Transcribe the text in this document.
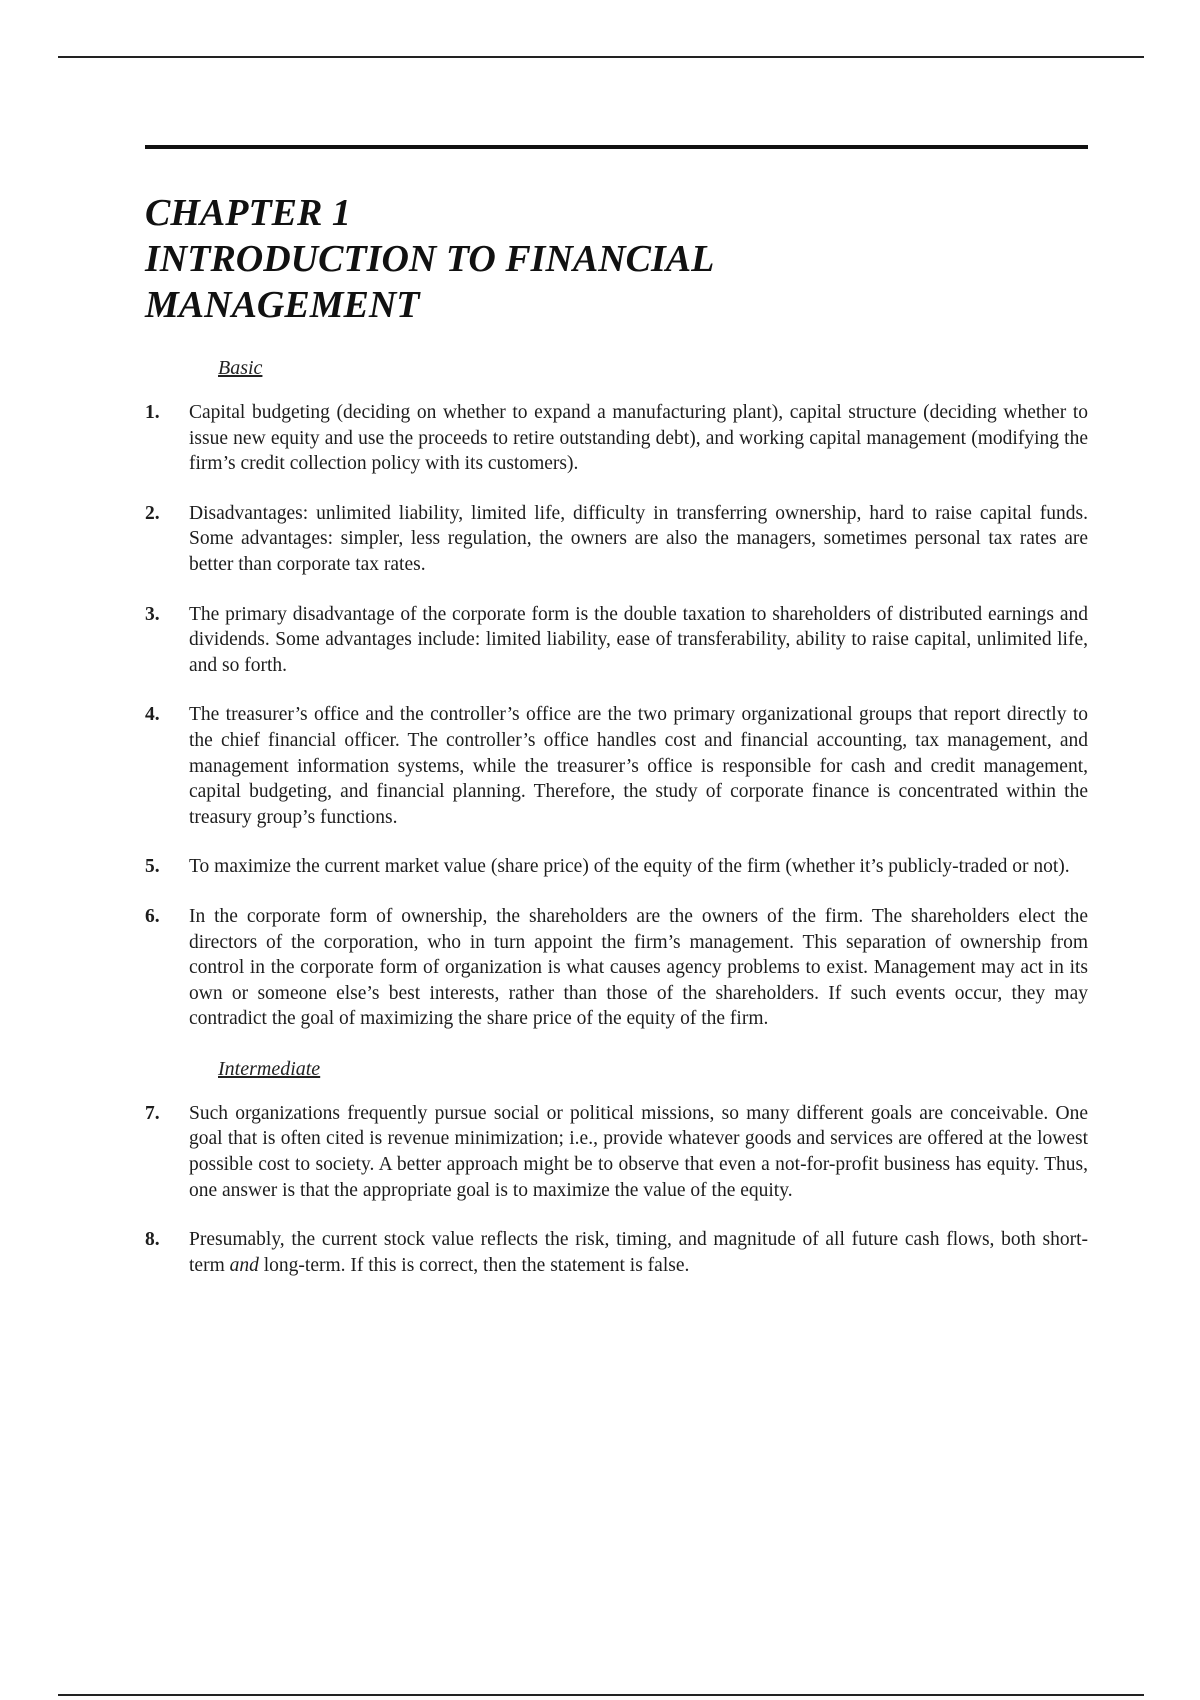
CHAPTER 1
INTRODUCTION TO FINANCIAL
MANAGEMENT
Basic
1. Capital budgeting (deciding on whether to expand a manufacturing plant), capital structure (deciding whether to issue new equity and use the proceeds to retire outstanding debt), and working capital management (modifying the firm’s credit collection policy with its customers).
2. Disadvantages: unlimited liability, limited life, difficulty in transferring ownership, hard to raise capital funds. Some advantages: simpler, less regulation, the owners are also the managers, sometimes personal tax rates are better than corporate tax rates.
3. The primary disadvantage of the corporate form is the double taxation to shareholders of distributed earnings and dividends. Some advantages include: limited liability, ease of transferability, ability to raise capital, unlimited life, and so forth.
4. The treasurer’s office and the controller’s office are the two primary organizational groups that report directly to the chief financial officer. The controller’s office handles cost and financial accounting, tax management, and management information systems, while the treasurer’s office is responsible for cash and credit management, capital budgeting, and financial planning. Therefore, the study of corporate finance is concentrated within the treasury group’s functions.
5. To maximize the current market value (share price) of the equity of the firm (whether it’s publicly-traded or not).
6. In the corporate form of ownership, the shareholders are the owners of the firm. The shareholders elect the directors of the corporation, who in turn appoint the firm’s management. This separation of ownership from control in the corporate form of organization is what causes agency problems to exist. Management may act in its own or someone else’s best interests, rather than those of the shareholders. If such events occur, they may contradict the goal of maximizing the share price of the equity of the firm.
Intermediate
7. Such organizations frequently pursue social or political missions, so many different goals are conceivable. One goal that is often cited is revenue minimization; i.e., provide whatever goods and services are offered at the lowest possible cost to society. A better approach might be to observe that even a not-for-profit business has equity. Thus, one answer is that the appropriate goal is to maximize the value of the equity.
8. Presumably, the current stock value reflects the risk, timing, and magnitude of all future cash flows, both short-term and long-term. If this is correct, then the statement is false.
